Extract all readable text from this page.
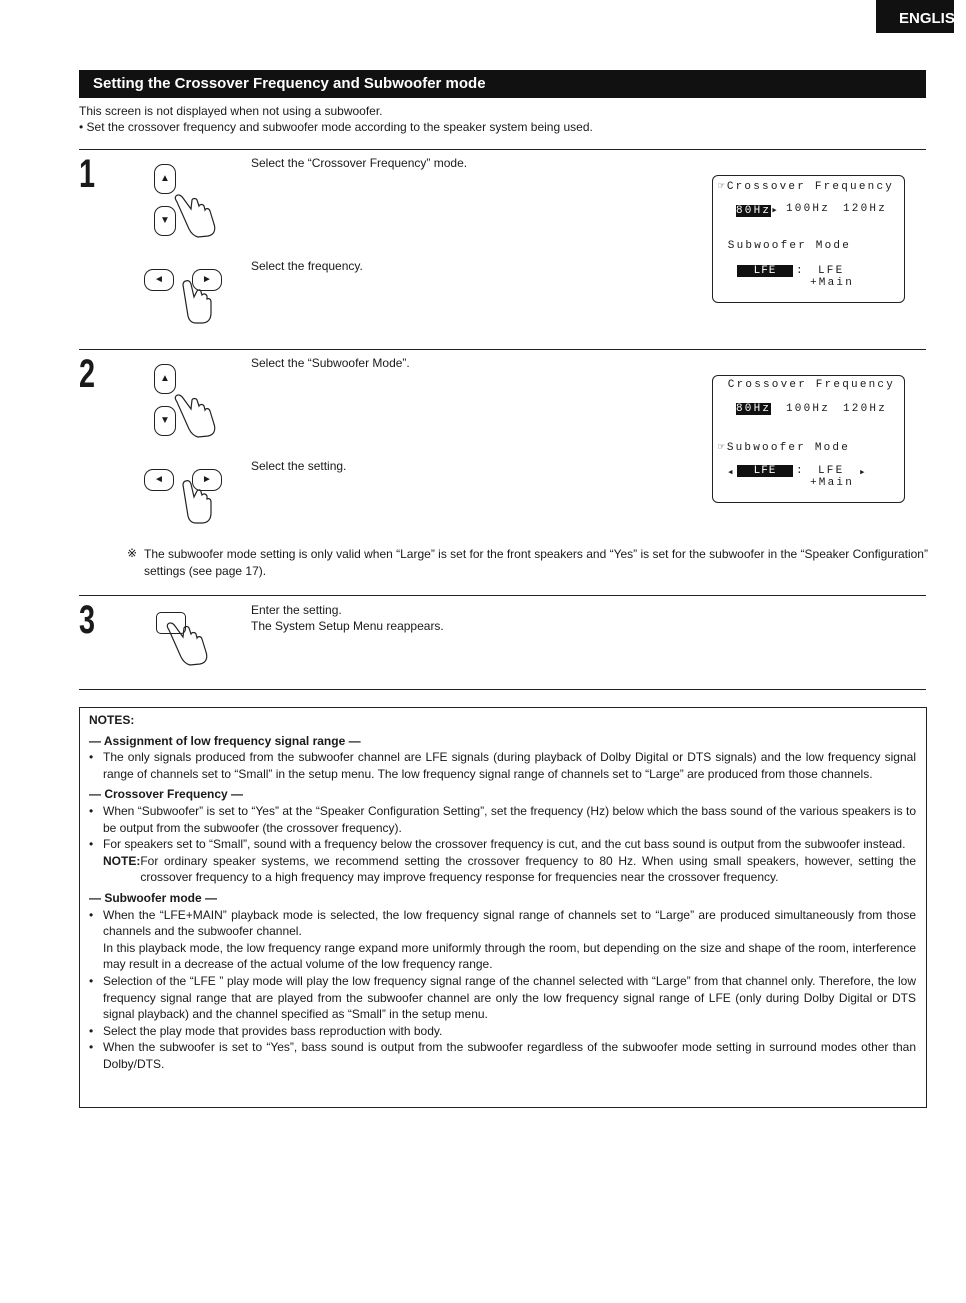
ENGLISH
Setting the Crossover Frequency and Subwoofer mode
This screen is not displayed when not using a subwoofer.
• Set the crossover frequency and subwoofer mode according to the speaker system being used.
1	▲
▼
Select the “Crossover Frequency” mode.
◄	►
Select the frequency.
☞Crossover Frequency
80Hz▸ 100Hz 120Hz
Subwoofer Mode
LFE	: LFE
+Main
2	▲
▼
Select the “Subwoofer Mode”.
◄	►
Select the setting.
Crossover Frequency
80Hz 100Hz 120Hz
☞Subwoofer Mode
◂	LFE	: LFE ▸
+Main
※ The subwoofer mode setting is only valid when “Large” is set for the front speakers and “Yes” is set for the subwoofer in the “Speaker Configuration” settings (see page 17).
3	Enter the setting.
The System Setup Menu reappears.
NOTES:
— Assignment of low frequency signal range —
• The only signals produced from the subwoofer channel are LFE signals (during playback of Dolby Digital or DTS signals) and the low frequency signal range of channels set to “Small” in the setup menu. The low frequency signal range of channels set to “Large” are produced from those channels.
— Crossover Frequency —
• When “Subwoofer” is set to “Yes” at the “Speaker Configuration Setting”, set the frequency (Hz) below which the bass sound of the various speakers is to be output from the subwoofer (the crossover frequency).
• For speakers set to “Small”, sound with a frequency below the crossover frequency is cut, and the cut bass sound is output from the subwoofer instead.
NOTE: For ordinary speaker systems, we recommend setting the crossover frequency to 80 Hz. When using small speakers, however, setting the crossover frequency to a high frequency may improve frequency response for frequencies near the crossover frequency.
— Subwoofer mode —
• When the “LFE+MAIN” playback mode is selected, the low frequency signal range of channels set to “Large” are produced simultaneously from those channels and the subwoofer channel.
In this playback mode, the low frequency range expand more uniformly through the room, but depending on the size and shape of the room, interference may result in a decrease of the actual volume of the low frequency range.
• Selection of the “LFE ” play mode will play the low frequency signal range of the channel selected with “Large” from that channel only. Therefore, the low frequency signal range that are played from the subwoofer channel are only the low frequency signal range of LFE (only during Dolby Digital or DTS signal playback) and the channel specified as “Small” in the setup menu.
• Select the play mode that provides bass reproduction with body.
• When the subwoofer is set to “Yes”, bass sound is output from the subwoofer regardless of the subwoofer mode setting in surround modes other than Dolby/DTS.
